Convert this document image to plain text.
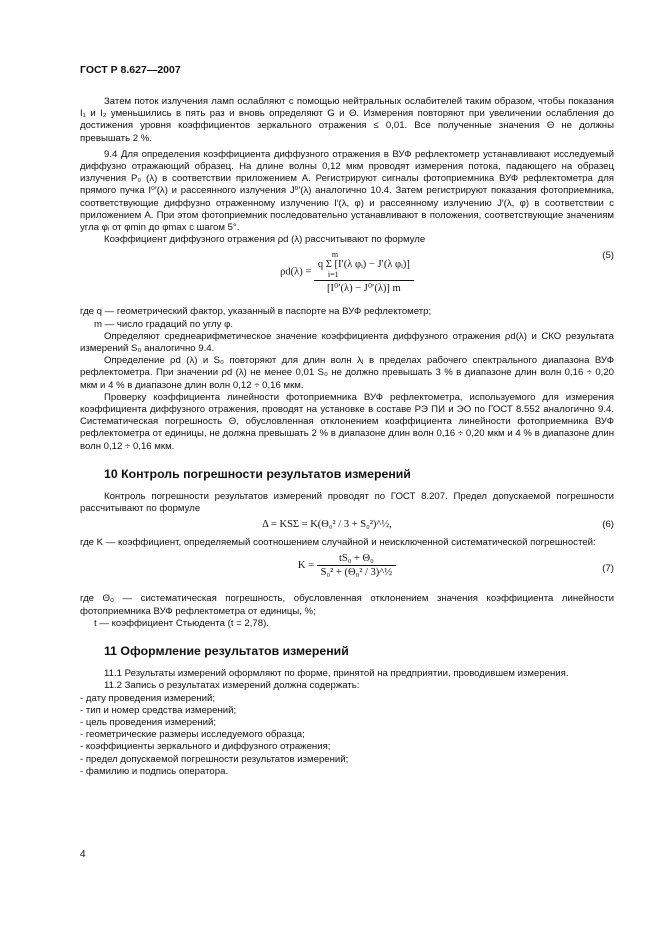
ГОСТ Р 8.627—2007

Затем поток излучения ламп ослабляют с помощью нейтральных ослабителей таким образом, чтобы показания I₁ и I₂ уменьшились в пять раз и вновь определяют G и Θ. Измерения повторяют при увеличении ослабления до достижения уровня коэффициентов зеркального отражения ≤ 0,01. Все полученные значения Θ не должны превышать 2 %.

9.4 Для определения коэффициента диффузного отражения в ВУФ рефлектометр устанавливают исследуемый диффузно отражающий образец. На длине волны 0,12 мкм проводят измерения потока, падающего на образец излучения P₀ (λ) в соответствии приложением А. Регистрируют сигналы фотоприемника ВУФ рефлектометра для прямого пучка I⁰′(λ) и рассеянного излучения J⁰′(λ) аналогично 10.4. Затем регистрируют показания фотоприемника, соответствующие диффузно отраженному излучению I′(λ, φ) и рассеянному излучению J′(λ, φ) в соответствии с приложением А. При этом фотоприемник последовательно устанавливают в положения, соответствующие значениям угла φᵢ от φmin до φmax с шагом 5°.

Коэффициент диффузного отражения ρd (λ) рассчитывают по формуле

ρd(λ) = m
q Σ [I′(λ φᵢ) − J′(λ φᵢ)]
i=1
[I⁰′(λ) − J⁰′(λ)] m	(5)

где q — геометрический фактор, указанный в паспорте на ВУФ рефлектометр;

m — число градаций по углу φ.

Определяют среднеарифметическое значение коэффициента диффузного отражения ρd(λ) и СКО результата измерений S₀ аналогично 9.4.

Определение ρd (λ) и S₀ повторяют для длин волн λⱼ в пределах рабочего спектрального диапазона ВУФ рефлектометра. При значении ρd (λ) не менее 0,01 S₀ не должно превышать 3 % в диапазоне длин волн 0,16 ÷ 0,20 мкм и 4 % в диапазоне длин волн 0,12 ÷ 0,16 мкм.

Проверку коэффициента линейности фотоприемника ВУФ рефлектометра, используемого для измерения коэффициента диффузного отражения, проводят на установке в составе РЭ ПИ и ЭО по ГОСТ 8.552 аналогично 9.4. Систематическая погрешность Θ, обусловленная отклонением коэффициента линейности фотоприемника ВУФ рефлектометра от единицы, не должна превышать 2 % в диапазоне длин волн 0,16 ÷ 0,20 мкм и 4 % в диапазоне длин волн 0,12 ÷ 0,16 мкм.

10 Контроль погрешности результатов измерений

Контроль погрешности результатов измерений проводят по ГОСТ 8.207. Предел допускаемой погрешности рассчитывают по формуле

Δ = KSΣ = K(Θ₀² / 3 + S₀²)^½,	(6)

где K — коэффициент, определяемый соотношением случайной и неисключенной систематической погрешностей:

$K = \frac{\text{tS₀ + Θ₀}}{\text{S₀² + (Θ₀² / 3)\textasciicircum{}½}}$	(7)

где Θ₀ — систематическая погрешность, обусловленная отклонением значения коэффициента линейности фотоприемника ВУФ рефлектометра от единицы, %;

t — коэффициент Стьюдента (t = 2,78).

11 Оформление результатов измерений

11.1 Результаты измерений оформляют по форме, принятой на предприятии, проводившем измерения.

11.2 Запись о результатах измерений должна содержать:

- дату проведения измерений;

- тип и номер средства измерений;

- цель проведения измерений;

- геометрические размеры исследуемого образца;

- коэффициенты зеркального и диффузного отражения;

- предел допускаемой погрешности результатов измерений;

- фамилию и подпись оператора.

4
